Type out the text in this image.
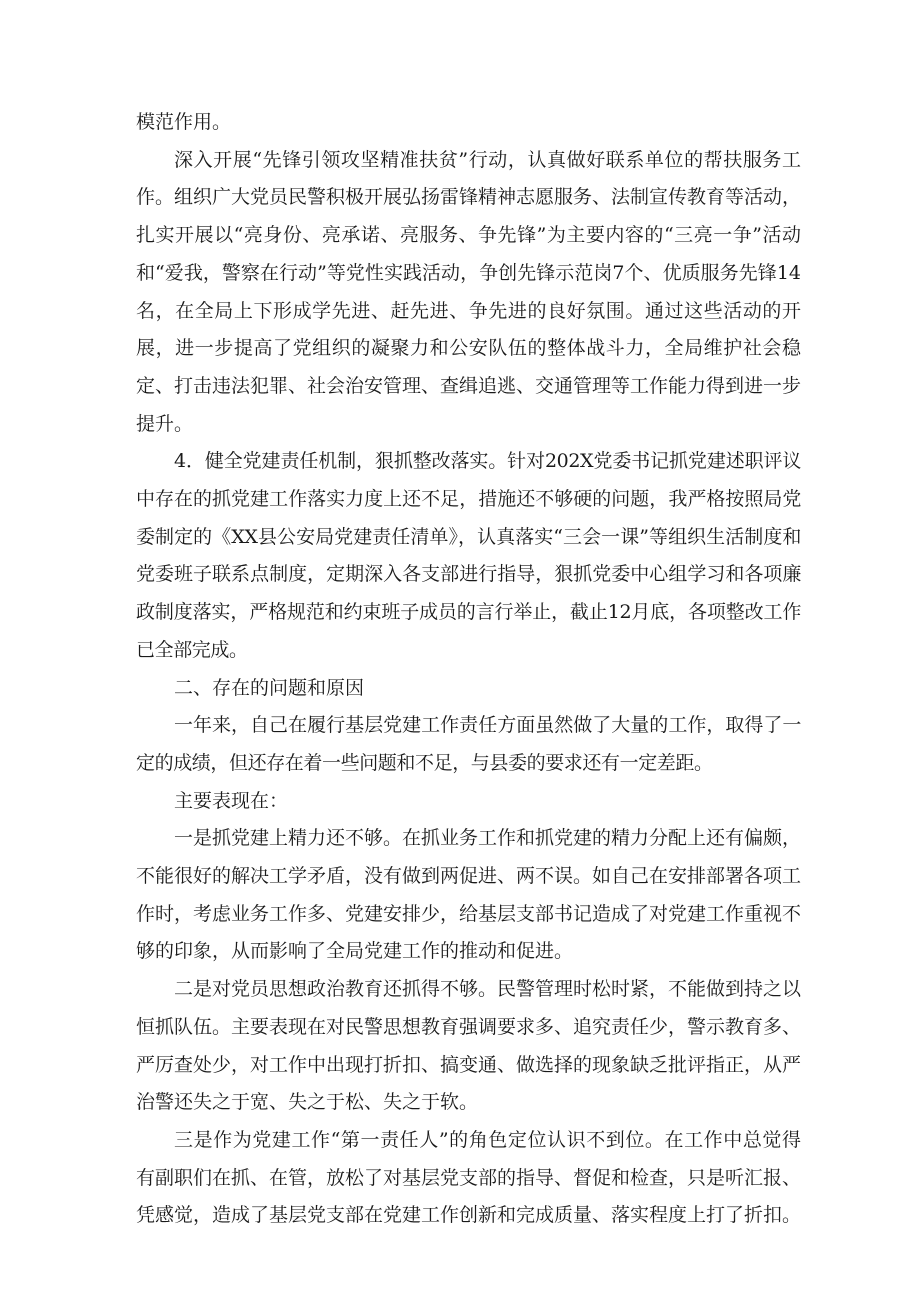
模范作用。

深入开展“先锋引领攻坚精准扶贫”行动，认真做好联系单位的帮扶服务工作。组织广大党员民警积极开展弘扬雷锋精神志愿服务、法制宣传教育等活动，扎实开展以“亮身份、亮承诺、亮服务、争先锋”为主要内容的“三亮一争”活动和“爱我，警察在行动”等党性实践活动，争创先锋示范岗7个、优质服务先锋14名，在全局上下形成学先进、赶先进、争先进的良好氛围。通过这些活动的开展，进一步提高了党组织的凝聚力和公安队伍的整体战斗力，全局维护社会稳定、打击违法犯罪、社会治安管理、查缉追逃、交通管理等工作能力得到进一步提升。

4．健全党建责任机制，狠抓整改落实。针对202X党委书记抓党建述职评议中存在的抓党建工作落实力度上还不足，措施还不够硬的问题，我严格按照局党委制定的《XX县公安局党建责任清单》，认真落实“三会一课”等组织生活制度和党委班子联系点制度，定期深入各支部进行指导，狠抓党委中心组学习和各项廉政制度落实，严格规范和约束班子成员的言行举止，截止12月底，各项整改工作已全部完成。

二、存在的问题和原因

一年来，自己在履行基层党建工作责任方面虽然做了大量的工作，取得了一定的成绩，但还存在着一些问题和不足，与县委的要求还有一定差距。

主要表现在：

一是抓党建上精力还不够。在抓业务工作和抓党建的精力分配上还有偏颇，不能很好的解决工学矛盾，没有做到两促进、两不误。如自己在安排部署各项工作时，考虑业务工作多、党建安排少，给基层支部书记造成了对党建工作重视不够的印象，从而影响了全局党建工作的推动和促进。

二是对党员思想政治教育还抓得不够。民警管理时松时紧，不能做到持之以恒抓队伍。主要表现在对民警思想教育强调要求多、追究责任少，警示教育多、严厉查处少，对工作中出现打折扣、搞变通、做选择的现象缺乏批评指正，从严治警还失之于宽、失之于松、失之于软。

三是作为党建工作“第一责任人”的角色定位认识不到位。在工作中总觉得有副职们在抓、在管，放松了对基层党支部的指导、督促和检查，只是听汇报、凭感觉，造成了基层党支部在党建工作创新和完成质量、落实程度上打了折扣。
